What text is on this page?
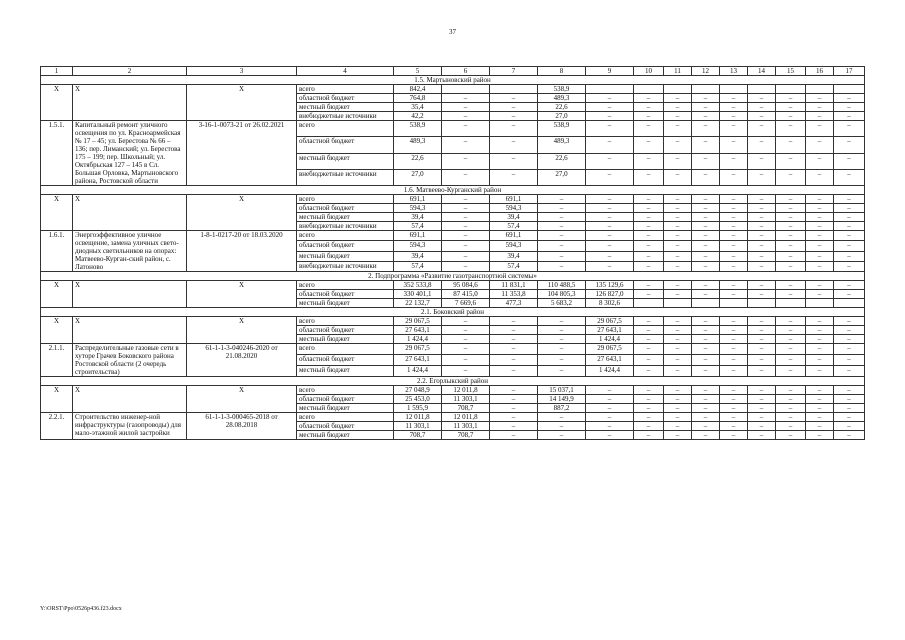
37
1	2	3	4	5	6	7	8	9	10	11	12	13	14	15	16	17
1.5. Мартыновский район																
Х	Х	Х	всего	842,4			538,9									
			областной бюджет	764,8	–	–	489,3	–	–	–	–	–	–	–	–	–
			местный бюджет	35,4	–	–	22,6	–	–	–	–	–	–	–	–	–
			внебюджетные источники	42,2	–	–	27,0	–	–	–	–	–	–	–	–	–
1.5.1.	Капитальный ремонт уличного освещения по ул. Красноармейская № 17 – 45; ул. Берестова № 66 – 136; пер. Лиманский; ул. Берестова 175 – 199; пер. Школьный; ул. Октябрьская 127 – 145 в Сл. Большая Орловка, Мартыновского района, Ростовской области	3-16-1-0073-21 от 26.02.2021	всего	538,9	–	–	538,9	–	–	–	–	–	–	–	–	–
			областной бюджет	489,3	–	–	489,3	–	–	–	–	–	–	–	–	–
			местный бюджет	22,6	–	–	22,6	–	–	–	–	–	–	–	–	–
			внебюджетные источники	27,0	–	–	27,0	–	–	–	–	–	–	–	–	–
1.6. Матвеево-Курганский район																
Х	Х	Х	всего	691,1	–	691,1	–	–	–	–	–	–	–	–	–	–
			областной бюджет	594,3	–	594,3	–	–	–	–	–	–	–	–	–	–
			местный бюджет	39,4	–	39,4	–	–	–	–	–	–	–	–	–	–
			внебюджетные источники	57,4	–	57,4	–	–	–	–	–	–	–	–	–	–
1.6.1.	Энергоэффективное уличное освещение, замена уличных свето-диодных светильников на опорах: Матвеево-Курган-ский район, с. Латоново	1-8-1-0217-20 от 18.03.2020	всего	691,1	–	691,1	–	–	–	–	–	–	–	–	–	–
			областной бюджет	594,3	–	594,3	–	–	–	–	–	–	–	–	–	–
			местный бюджет	39,4	–	39,4	–	–	–	–	–	–	–	–	–	–
			внебюджетные источники	57,4	–	57,4	–	–	–	–	–	–	–	–	–	–
2. Подпрограмма «Развитие газотранспортной системы»																
Х	Х	Х	всего	352 533,8	95 084,6	11 831,1	110 488,5	135 129,6	–	–	–	–	–	–	–	–
			областной бюджет	330 401,1	87 415,0	11 353,8	104 805,3	126 827,0	–	–	–	–	–	–	–	–
			местный бюджет	22 132,7	7 669,6	477,3	5 683,2	8 302,6								
2.1. Боковский район																
Х	Х	Х	всего	29 067,5	–	–	–	29 067,5	–	–	–	–	–	–	–	–
			областной бюджет	27 643,1	–	–	–	27 643,1	–	–	–	–	–	–	–	–
			местный бюджет	1 424,4	–	–	–	1 424,4	–	–	–	–	–	–	–	–
2.1.1.	Распределительные газовые сети в хуторе Грачев Боковского района Ростовской области (2 очередь строительства)	61-1-1-3-040246-2020 от 21.08.2020	всего	29 067,5	–	–	–	29 067,5	–	–	–	–	–	–	–	–
			областной бюджет	27 643,1	–	–	–	27 643,1	–	–	–	–	–	–	–	–
			местный бюджет	1 424,4	–	–	–	1 424,4	–	–	–	–	–	–	–	–
2.2. Егорлыкский район																
Х	Х	Х	всего	27 048,9	12 011,8	–	15 037,1	–	–	–	–	–	–	–	–	–
			областной бюджет	25 453,0	11 303,1	–	14 149,9	–	–	–	–	–	–	–	–	–
			местный бюджет	1 595,9	708,7	–	887,2	–	–	–	–	–	–	–	–	–
2.2.1.	Строительство инженер-ной инфраструктуры (газопроводы) для мало-этажной жилой застройки	61-1-1-3-000465-2018 от 28.08.2018	всего	12 011,8	12 011,8	–	–	–	–	–	–	–	–	–	–	–
			областной бюджет	11 303,1	11 303,1	–	–	–	–	–	–	–	–	–	–	–
			местный бюджет	708,7	708,7	–	–	–	–	–	–	–	–	–	–	–
Y:\ORST\Ppo\0526p436.f23.docx
